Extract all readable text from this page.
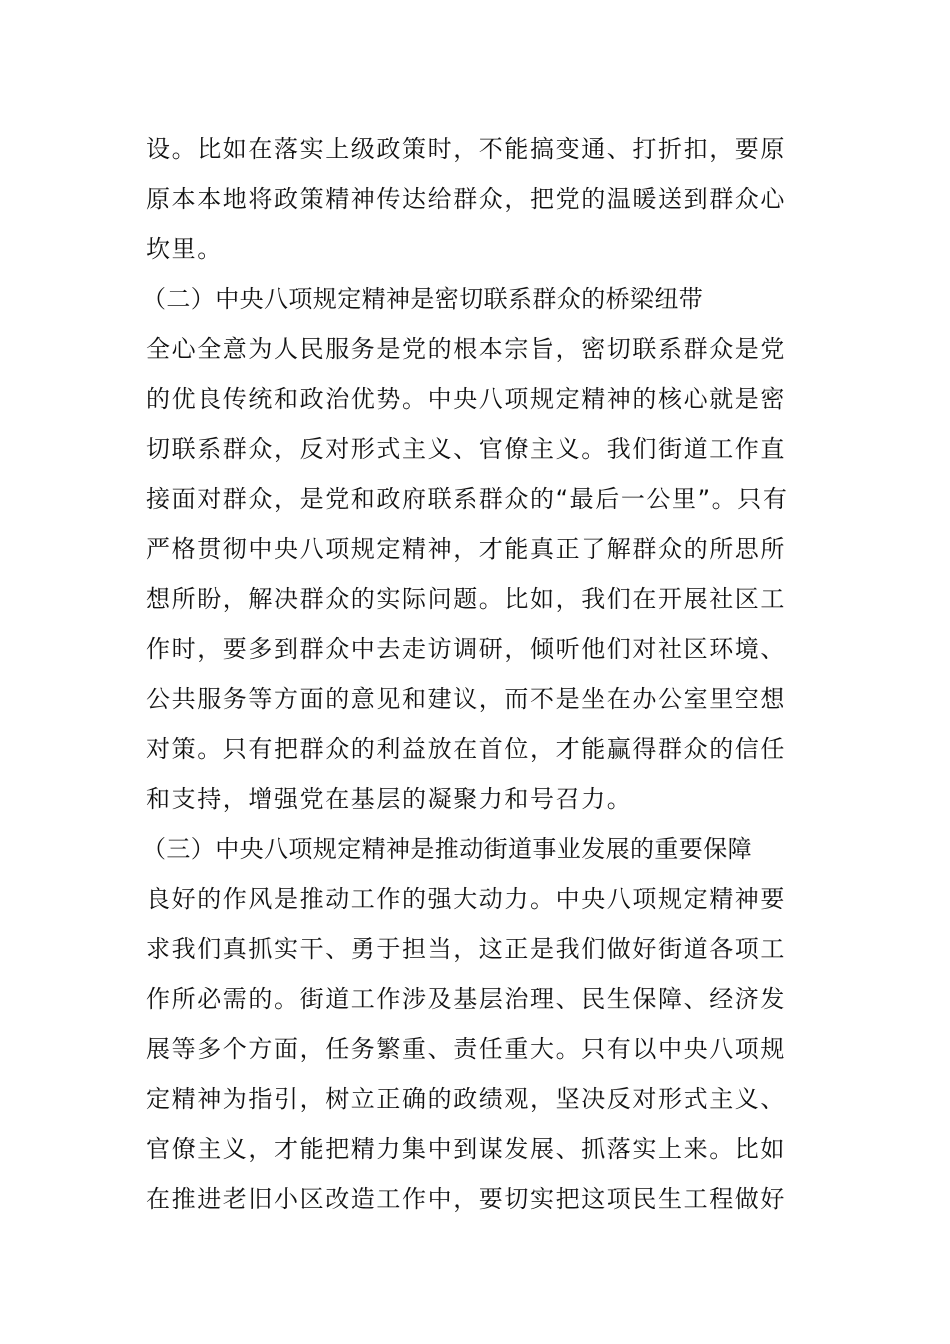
设。比如在落实上级政策时，不能搞变通、打折扣，要原
原本本地将政策精神传达给群众，把党的温暖送到群众心
坎里。
（二）中央八项规定精神是密切联系群众的桥梁纽带
全心全意为人民服务是党的根本宗旨，密切联系群众是党
的优良传统和政治优势。中央八项规定精神的核心就是密
切联系群众，反对形式主义、官僚主义。我们街道工作直
接面对群众，是党和政府联系群众的“最后一公里”。只有
严格贯彻中央八项规定精神，才能真正了解群众的所思所
想所盼，解决群众的实际问题。比如，我们在开展社区工
作时，要多到群众中去走访调研，倾听他们对社区环境、
公共服务等方面的意见和建议，而不是坐在办公室里空想
对策。只有把群众的利益放在首位，才能赢得群众的信任
和支持，增强党在基层的凝聚力和号召力。
（三）中央八项规定精神是推动街道事业发展的重要保障
良好的作风是推动工作的强大动力。中央八项规定精神要
求我们真抓实干、勇于担当，这正是我们做好街道各项工
作所必需的。街道工作涉及基层治理、民生保障、经济发
展等多个方面，任务繁重、责任重大。只有以中央八项规
定精神为指引，树立正确的政绩观，坚决反对形式主义、
官僚主义，才能把精力集中到谋发展、抓落实上来。比如
在推进老旧小区改造工作中，要切实把这项民生工程做好
